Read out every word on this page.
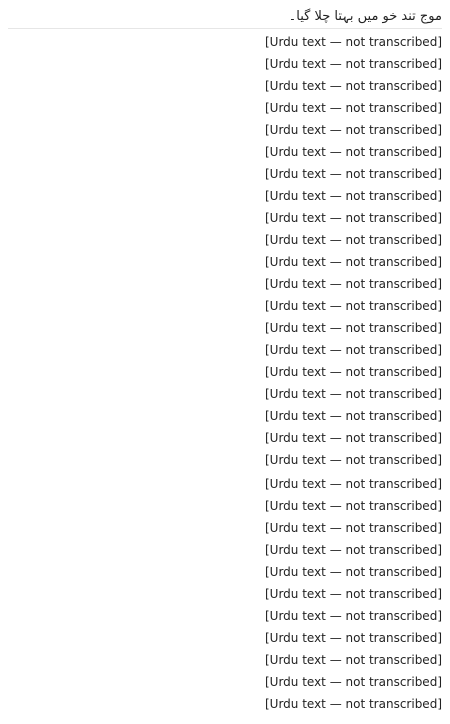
موج تند خو میں بہتا چلا گیا۔
[Urdu text — not transcribed]
[Urdu text — not transcribed]
[Urdu text — not transcribed]
[Urdu text — not transcribed]
[Urdu text — not transcribed]
[Urdu text — not transcribed]
[Urdu text — not transcribed]
[Urdu text — not transcribed]
[Urdu text — not transcribed]
[Urdu text — not transcribed]
[Urdu text — not transcribed]
[Urdu text — not transcribed]
[Urdu text — not transcribed]
[Urdu text — not transcribed]
[Urdu text — not transcribed]
[Urdu text — not transcribed]
[Urdu text — not transcribed]
[Urdu text — not transcribed]
[Urdu text — not transcribed]
[Urdu text — not transcribed]
[Urdu text — not transcribed]
[Urdu text — not transcribed]
[Urdu text — not transcribed]
[Urdu text — not transcribed]
[Urdu text — not transcribed]
[Urdu text — not transcribed]
[Urdu text — not transcribed]
[Urdu text — not transcribed]
[Urdu text — not transcribed]
[Urdu text — not transcribed]
[Urdu text — not transcribed]
